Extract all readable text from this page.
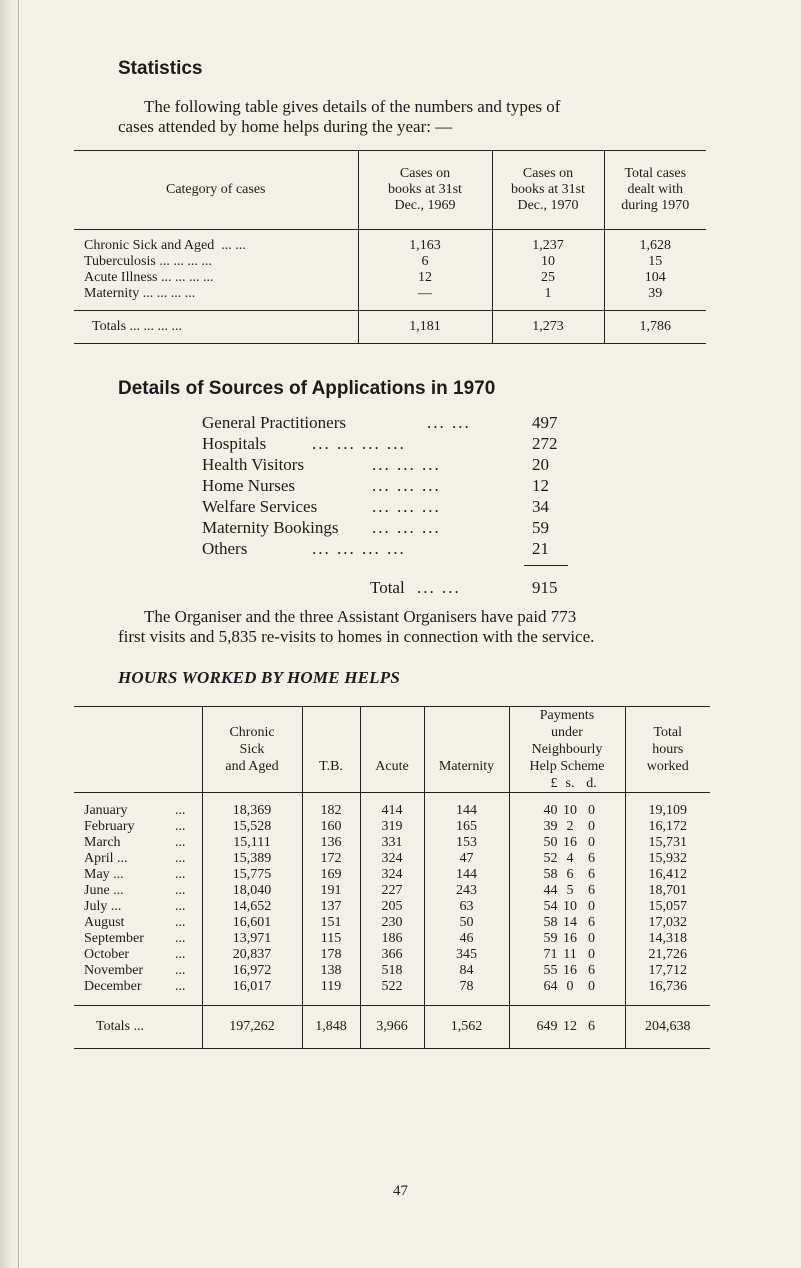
Statistics

The following table gives details of the numbers and types of

cases attended by home helps during the year: —

Category of cases	Cases on
books at 31st
Dec., 1969	Cases on
books at 31st
Dec., 1970	Total cases
dealt with
during 1970

Chronic Sick and Aged ... ...	1,163	1,237	1,628
Tuberculosis ... ... ... ...	6	10	15
Acute Illness ... ... ... ...	12	25	104
Maternity ... ... ... ...	—	1	39

Totals ... ... ... ...	1,181	1,273	1,786
Details of Sources of Applications in 1970
General Practitioners	... ...	497
Hospitals	... ... ... ...	272
Health Visitors	... ... ...	20
Home Nurses	... ... ...	12
Welfare Services	... ... ...	34
Maternity Bookings ... ... ...	59
Others	... ... ... ...	21
Total ... ...	915

The Organiser and the three Assistant Organisers have paid 773

first visits and 5,835 re-visits to homes in connection with the service.

HOURS WORKED BY HOME HELPS
	Chronic
Sick
and Aged	T.B.	Acute	Maternity	Payments
under
Neighbourly
Help Scheme
£ s. d.	Total
hours
worked

January ...	18,369	182	414	144	40 10 0	19,109
February ...	15,528	160	319	165	39 2 0	16,172
March ...	15,111	136	331	153	50 16 0	15,731
April ... ...	15,389	172	324	47	52 4 6	15,932
May ... ...	15,775	169	324	144	58 6 6	16,412
June ... ...	18,040	191	227	243	44 5 6	18,701
July ... ...	14,652	137	205	63	54 10 0	15,057
August ...	16,601	151	230	50	58 14 6	17,032
September ...	13,971	115	186	46	59 16 0	14,318
October ...	20,837	178	366	345	71 11 0	21,726
November ...	16,972	138	518	84	55 16 6	17,712
December ...	16,017	119	522	78	64 0 0	16,736

Totals ...	197,262	1,848	3,966	1,562	649 12 6	204,638
47
